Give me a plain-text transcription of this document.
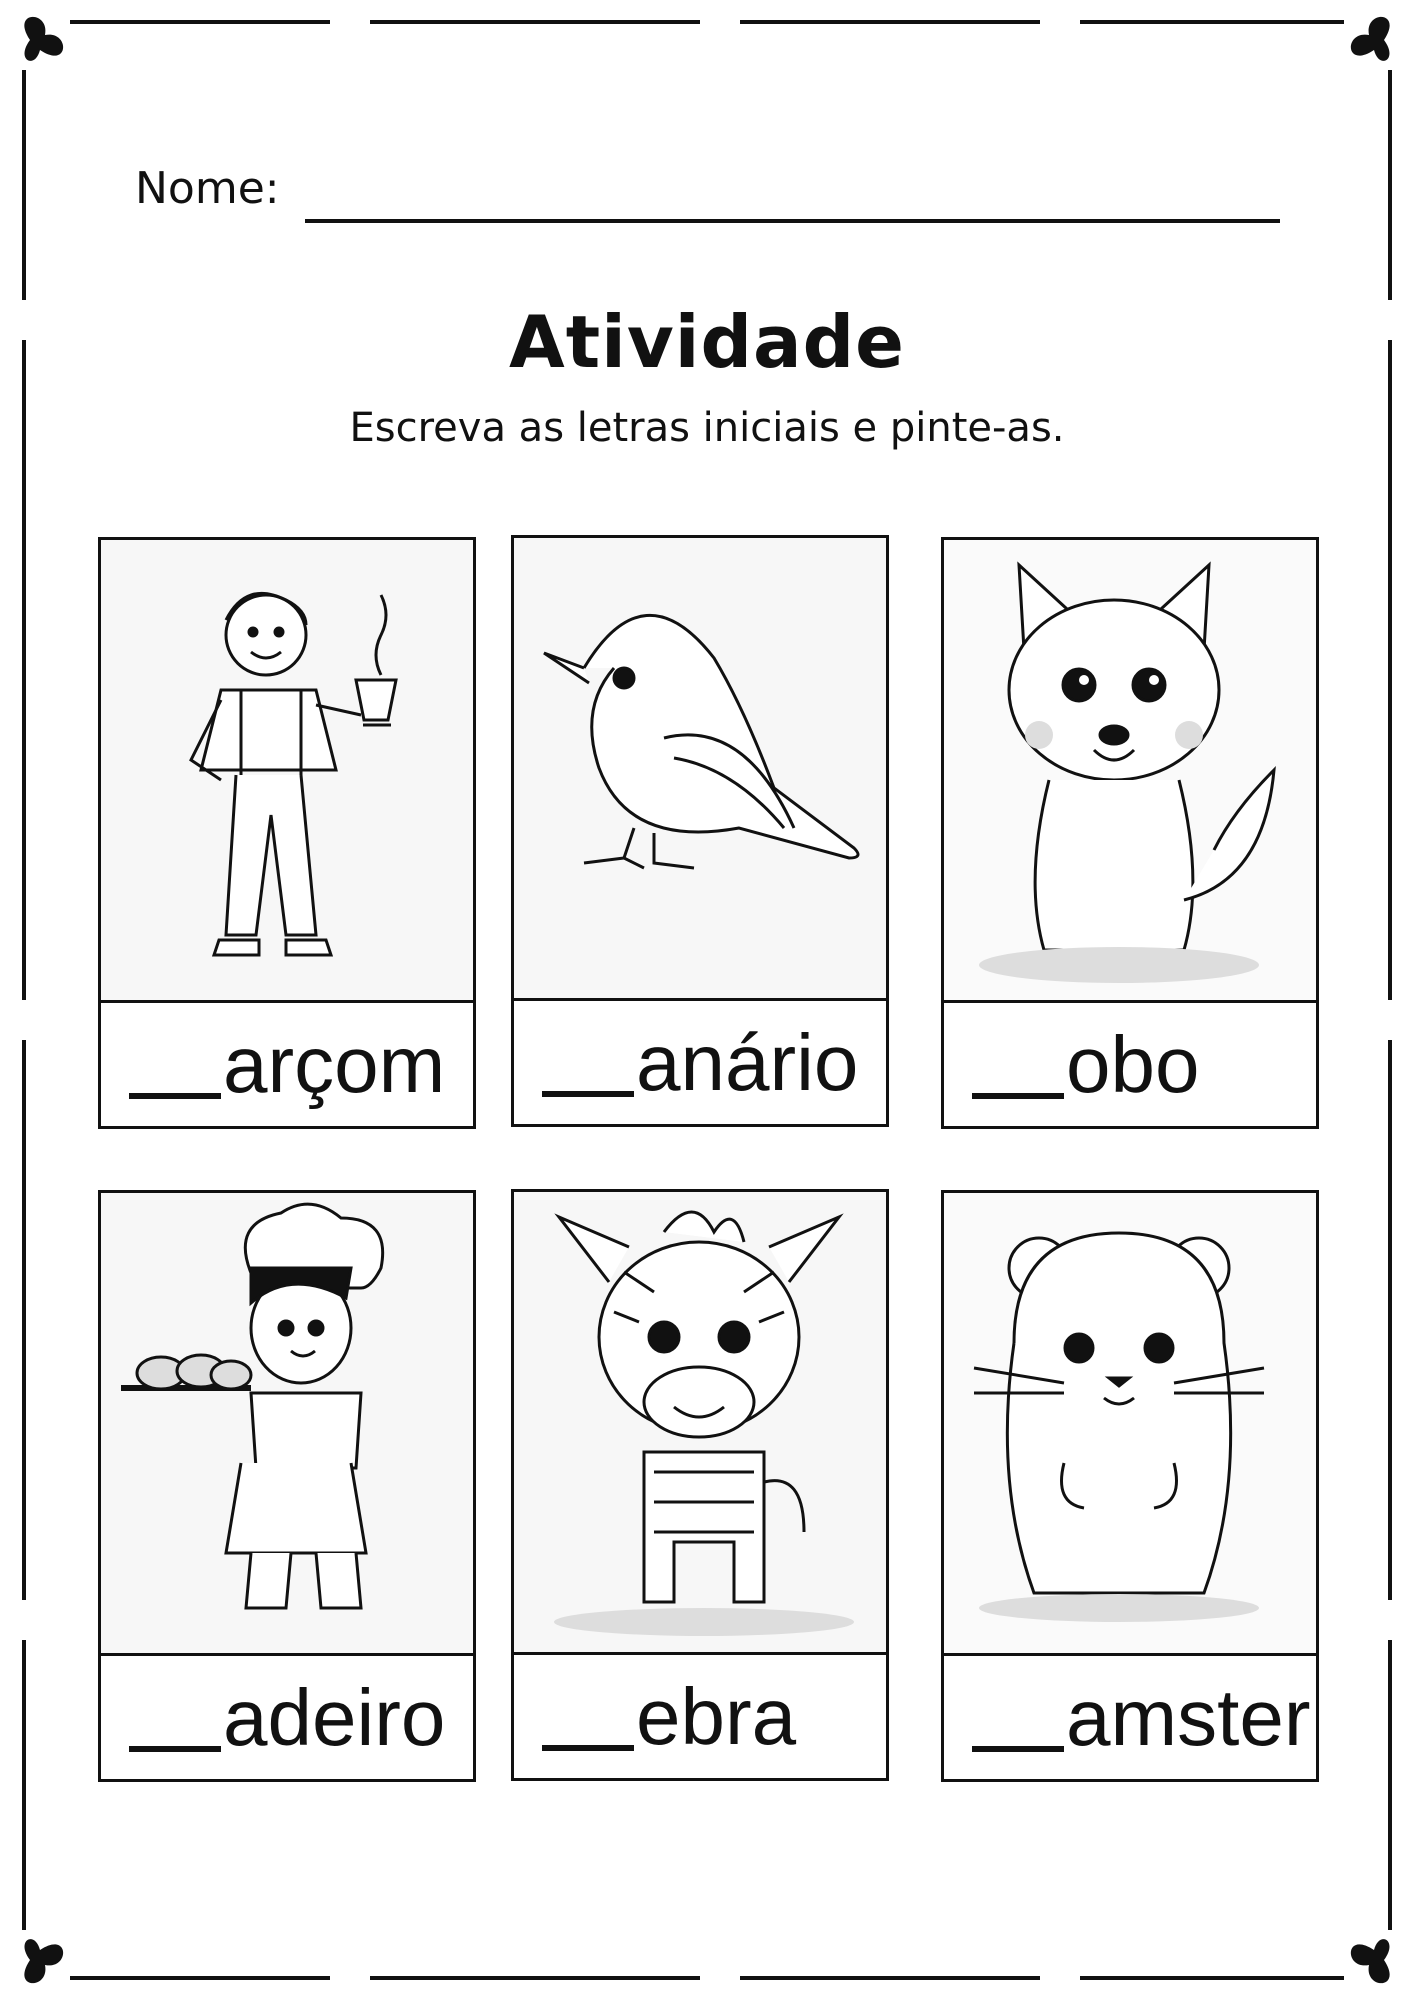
Nome:
Atividade
Escreva as letras iniciais e pinte-as.
arçom anário	obo
adeiro ebra	amster
